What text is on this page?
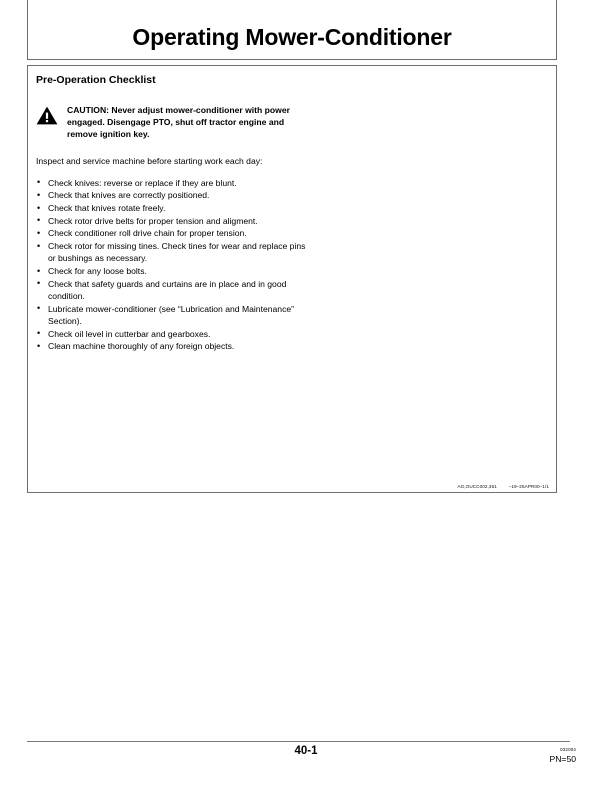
Operating Mower-Conditioner
Pre-Operation Checklist
CAUTION: Never adjust mower-conditioner with power engaged. Disengage PTO, shut off tractor engine and remove ignition key.
Inspect and service machine before starting work each day:
• Check knives: reverse or replace if they are blunt.
• Check that knives are correctly positioned.
• Check that knives rotate freely.
• Check rotor drive belts for proper tension and aligment.
• Check conditioner roll drive chain for proper tension.
• Check rotor for missing tines. Check tines for wear and replace pins or bushings as necessary.
• Check for any loose bolts.
• Check that safety guards and curtains are in place and in good condition.
• Lubricate mower-conditioner (see “Lubrication and Maintenance” Section).
• Check oil level in cutterbar and gearboxes.
• Clean machine thoroughly of any foreign objects.
AG,OUCC002,361	–19–25APR00–1/1
40-1	032004
PN=50
